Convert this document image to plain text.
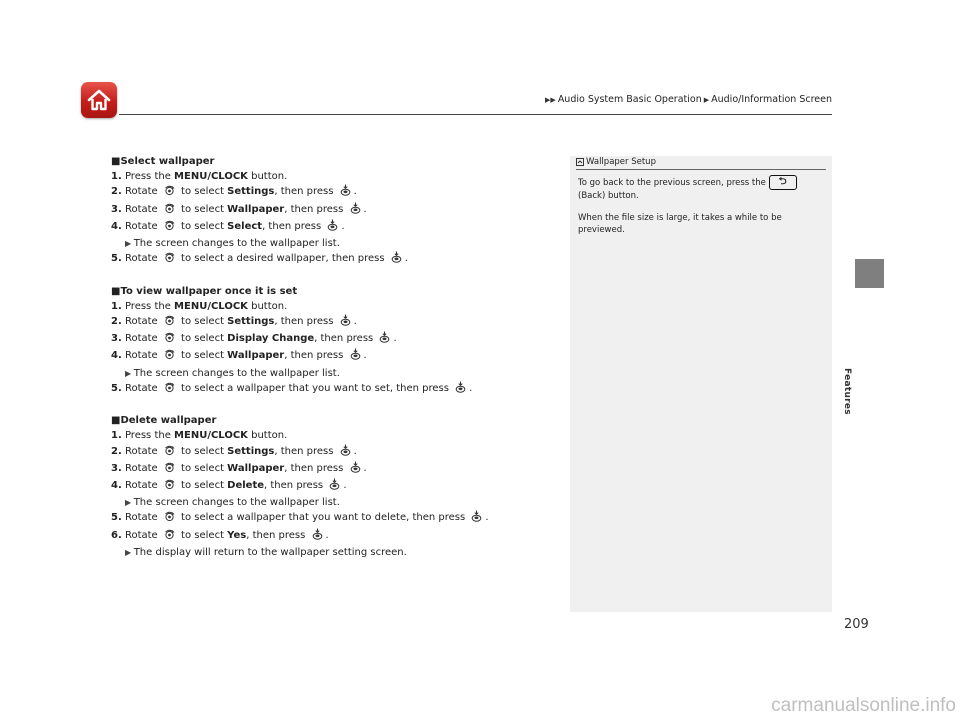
▶▶ Audio System Basic Operation ▶ Audio/Information Screen
Features
■Select wallpaper
1. Press the MENU/CLOCK button.
2. Rotate  to select Settings, then press .
3. Rotate  to select Wallpaper, then press .
4. Rotate  to select Select, then press .
▶ The screen changes to the wallpaper list.
5. Rotate  to select a desired wallpaper, then press .
■To view wallpaper once it is set
1. Press the MENU/CLOCK button.
2. Rotate  to select Settings, then press .
3. Rotate  to select Display Change, then press .
4. Rotate  to select Wallpaper, then press .
▶ The screen changes to the wallpaper list.
5. Rotate  to select a wallpaper that you want to set, then press .
■Delete wallpaper
1. Press the MENU/CLOCK button.
2. Rotate  to select Settings, then press .
3. Rotate  to select Wallpaper, then press .
4. Rotate  to select Delete, then press .
▶ The screen changes to the wallpaper list.
5. Rotate  to select a wallpaper that you want to delete, then press .
6. Rotate  to select Yes, then press .
▶ The display will return to the wallpaper setting screen.
Wallpaper Setup

To go back to the previous screen, press the ⮌
(Back) button.

When the file size is large, it takes a while to be previewed.

209
carmanualsonline.info
